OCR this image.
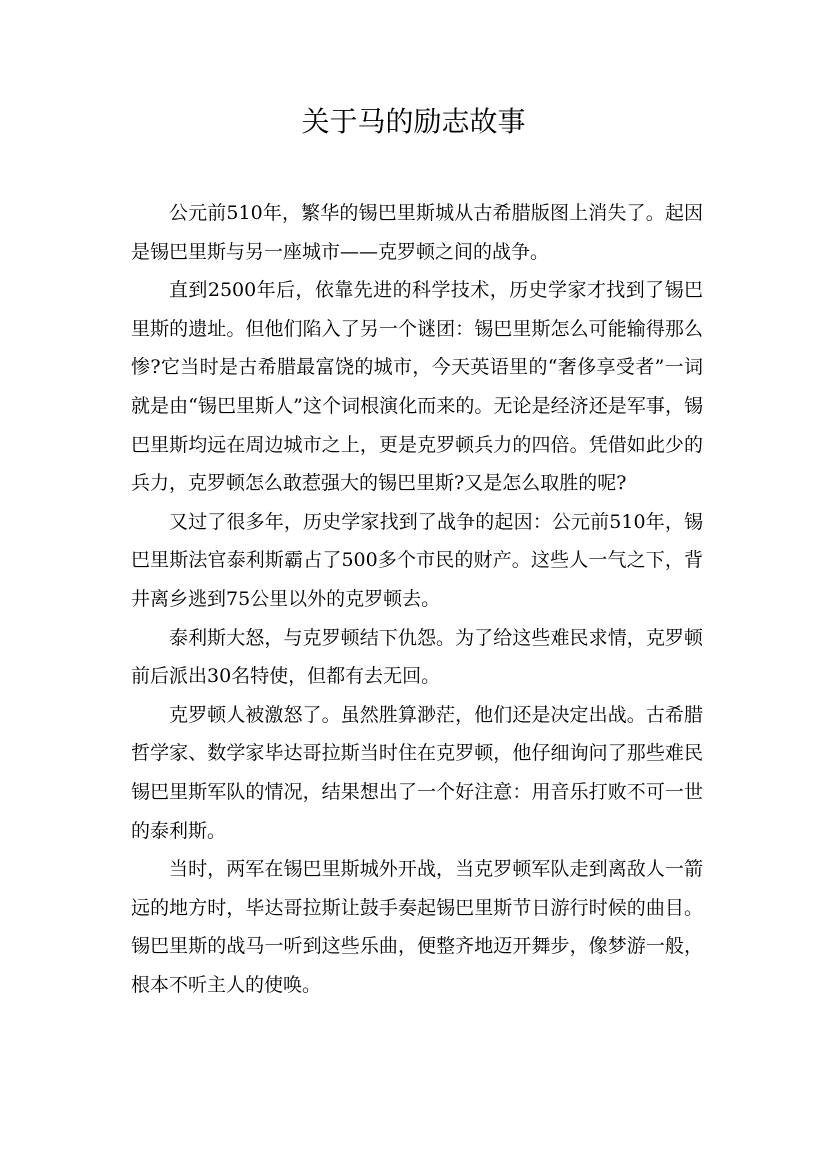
关于马的励志故事

公元前510年，繁华的锡巴里斯城从古希腊版图上消失了。起因是锡巴里斯与另一座城市——克罗顿之间的战争。

直到2500年后，依靠先进的科学技术，历史学家才找到了锡巴里斯的遗址。但他们陷入了另一个谜团：锡巴里斯怎么可能输得那么惨?它当时是古希腊最富饶的城市，今天英语里的“奢侈享受者”一词就是由“锡巴里斯人”这个词根演化而来的。无论是经济还是军事，锡巴里斯均远在周边城市之上，更是克罗顿兵力的四倍。凭借如此少的兵力，克罗顿怎么敢惹强大的锡巴里斯?又是怎么取胜的呢?

又过了很多年，历史学家找到了战争的起因：公元前510年，锡巴里斯法官泰利斯霸占了500多个市民的财产。这些人一气之下，背井离乡逃到75公里以外的克罗顿去。

泰利斯大怒，与克罗顿结下仇怨。为了给这些难民求情，克罗顿前后派出30名特使，但都有去无回。

克罗顿人被激怒了。虽然胜算渺茫，他们还是决定出战。古希腊哲学家、数学家毕达哥拉斯当时住在克罗顿，他仔细询问了那些难民锡巴里斯军队的情况，结果想出了一个好注意：用音乐打败不可一世的泰利斯。

当时，两军在锡巴里斯城外开战，当克罗顿军队走到离敌人一箭远的地方时，毕达哥拉斯让鼓手奏起锡巴里斯节日游行时候的曲目。锡巴里斯的战马一听到这些乐曲，便整齐地迈开舞步，像梦游一般，根本不听主人的使唤。
